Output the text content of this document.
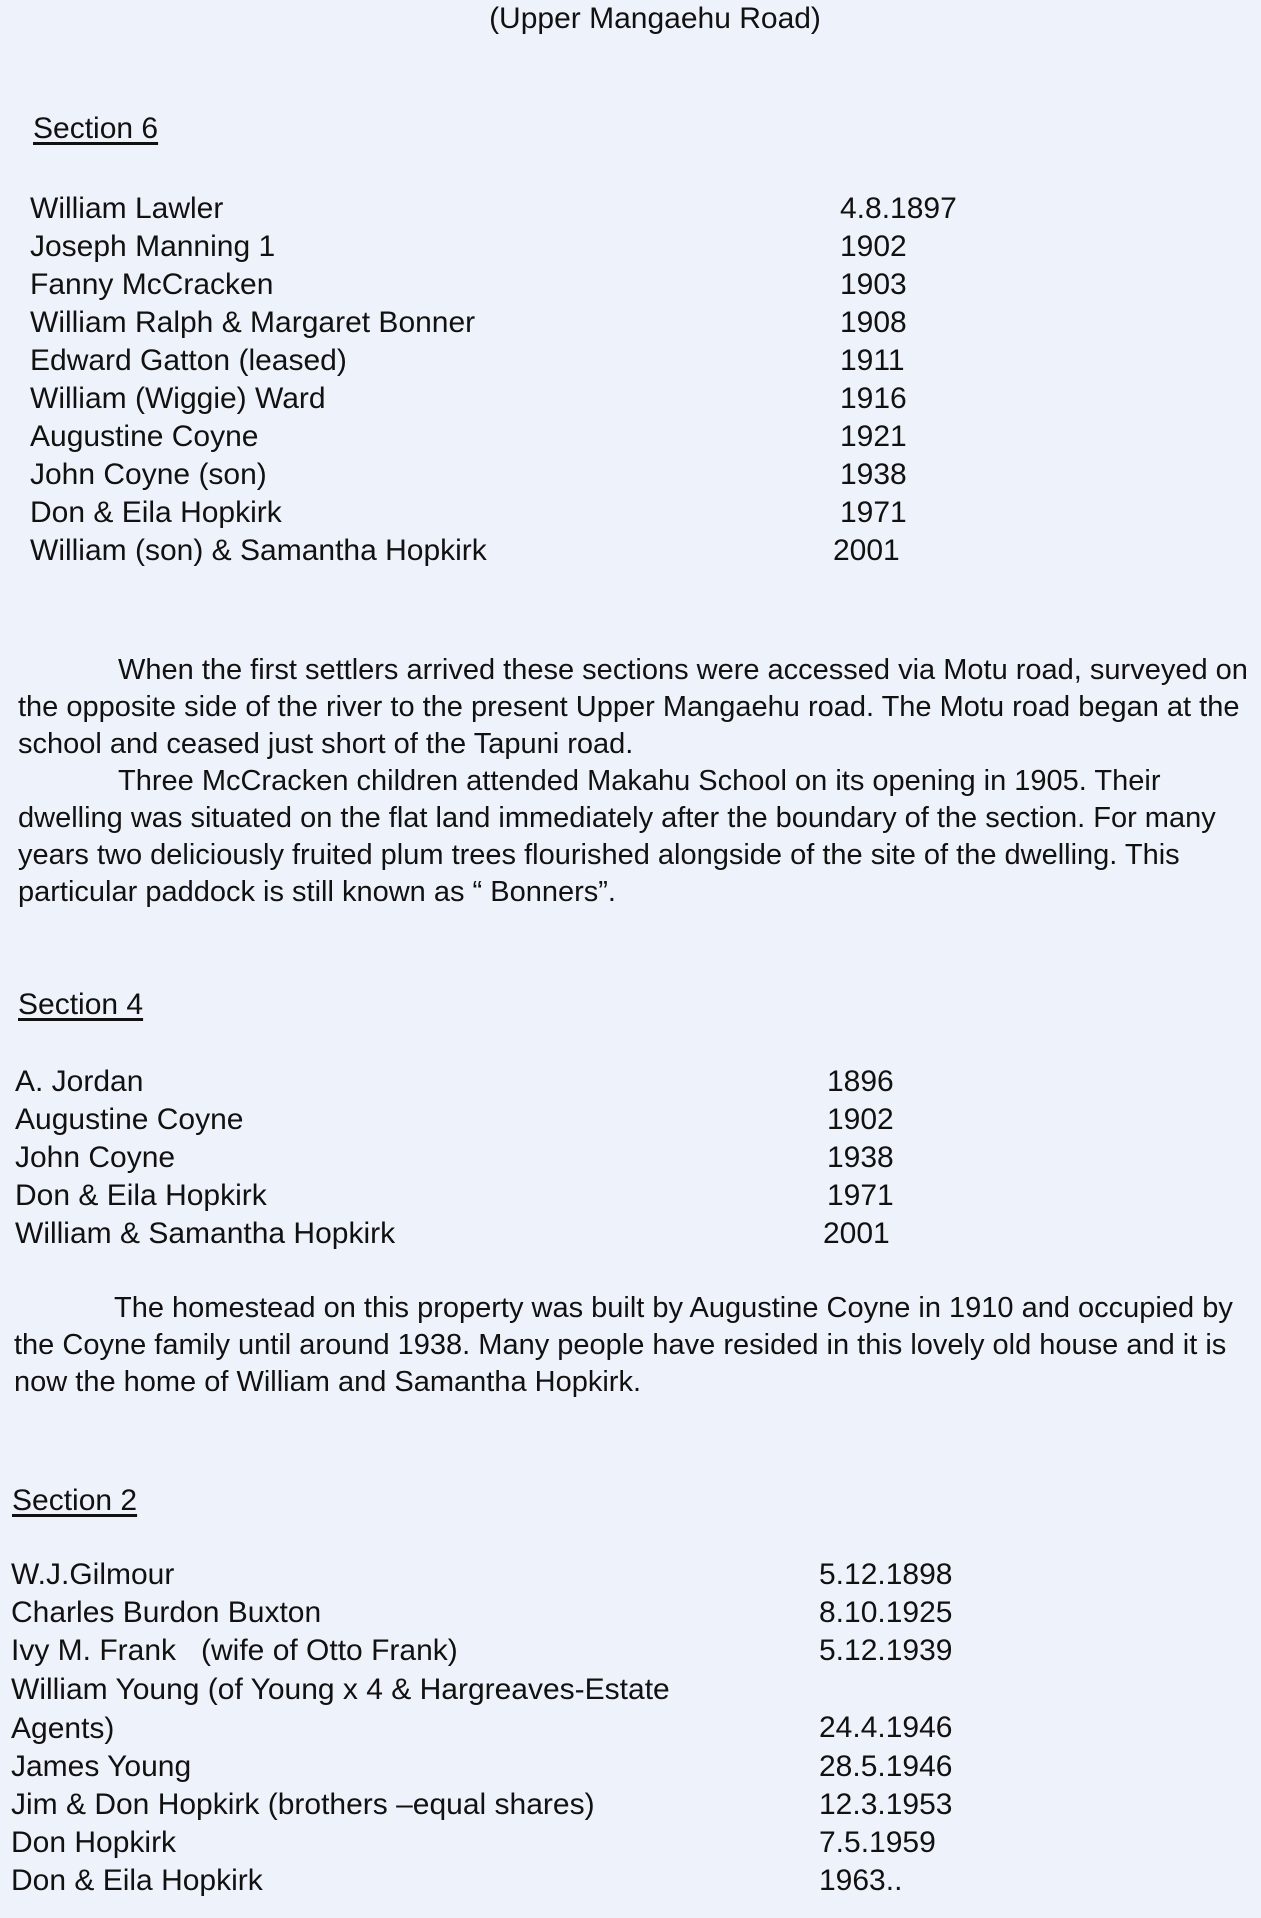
(Upper Mangaehu Road)
Section 6
William Lawler	4.8.1897
Joseph Manning 1	1902
Fanny McCracken	1903
William Ralph & Margaret Bonner	1908
Edward Gatton (leased)	1911
William (Wiggie) Ward	1916
Augustine Coyne	1921
John Coyne (son)	1938
Don & Eila Hopkirk	1971
William (son) & Samantha Hopkirk	2001

When the first settlers arrived these sections were accessed via Motu road, surveyed on the opposite side of the river to the present Upper Mangaehu road. The Motu road began at the school and ceased just short of the Tapuni road.

Three McCracken children attended Makahu School on its opening in 1905. Their dwelling was situated on the flat land immediately after the boundary of the section. For many years two deliciously fruited plum trees flourished alongside of the site of the dwelling. This particular paddock is still known as “ Bonners”.

Section 4
A. Jordan	1896
Augustine Coyne	1902
John Coyne	1938
Don & Eila Hopkirk	1971
William & Samantha Hopkirk	2001

The homestead on this property was built by Augustine Coyne in 1910 and occupied by the Coyne family until around 1938. Many people have resided in this lovely old house and it is now the home of William and Samantha Hopkirk.

Section 2
W.J.Gilmour	5.12.1898
Charles Burdon Buxton	8.10.1925
Ivy M. Frank   (wife of Otto Frank)	5.12.1939
William Young (of Young x 4 & Hargreaves-Estate Agents)	24.4.1946
James Young	28.5.1946
Jim & Don Hopkirk (brothers –equal shares)	12.3.1953
Don Hopkirk	7.5.1959
Don & Eila Hopkirk	1963..
